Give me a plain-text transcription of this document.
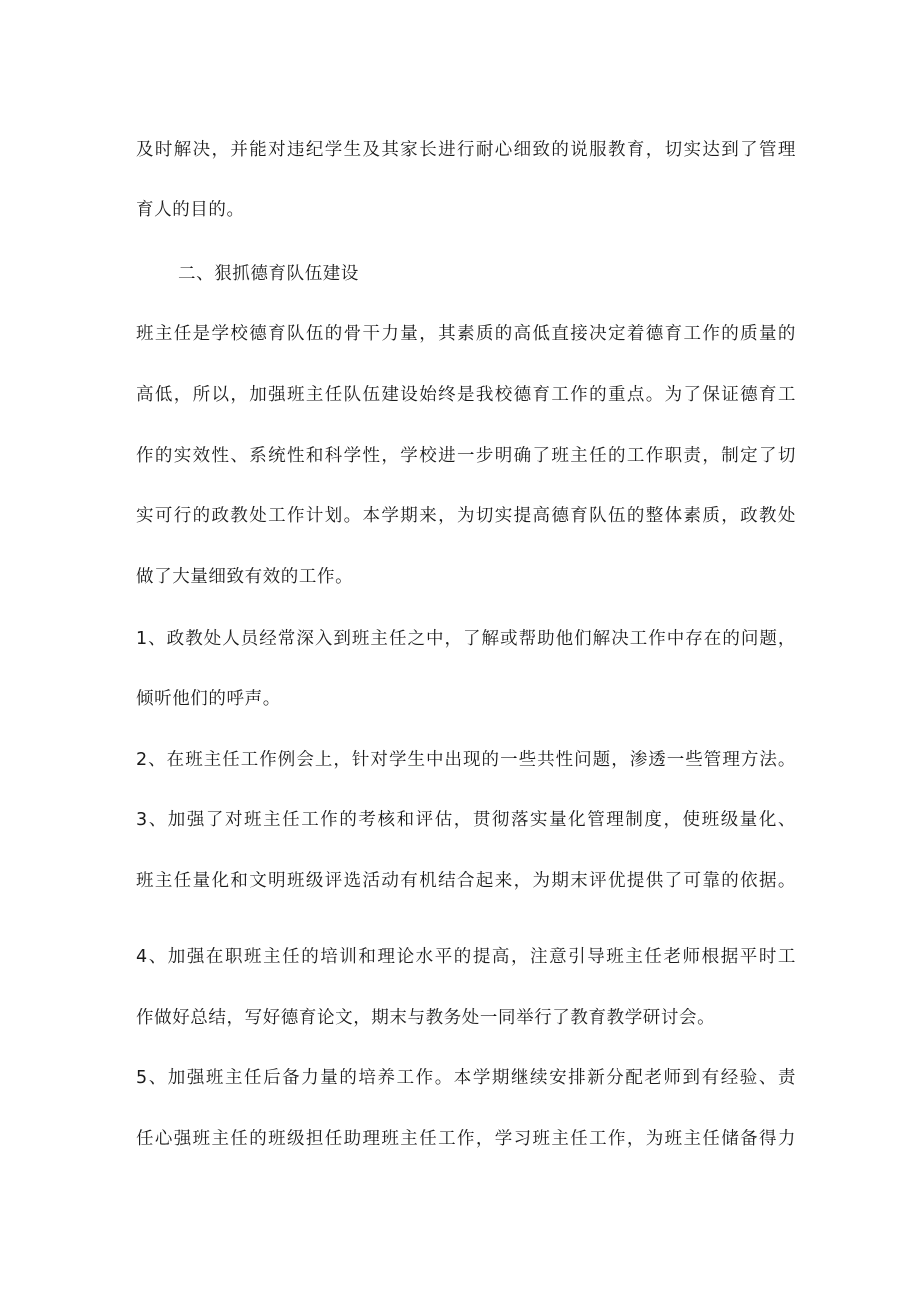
及时解决，并能对违纪学生及其家长进行耐心细致的说服教育，切实达到了管理
育人的目的。
二、狠抓德育队伍建设
班主任是学校德育队伍的骨干力量，其素质的高低直接决定着德育工作的质量的
高低，所以，加强班主任队伍建设始终是我校德育工作的重点。为了保证德育工
作的实效性、系统性和科学性，学校进一步明确了班主任的工作职责，制定了切
实可行的政教处工作计划。本学期来，为切实提高德育队伍的整体素质，政教处
做了大量细致有效的工作。
1、政教处人员经常深入到班主任之中，了解或帮助他们解决工作中存在的问题，
倾听他们的呼声。
2、在班主任工作例会上，针对学生中出现的一些共性问题，渗透一些管理方法。
3、加强了对班主任工作的考核和评估，贯彻落实量化管理制度，使班级量化、
班主任量化和文明班级评选活动有机结合起来，为期末评优提供了可靠的依据。
4、加强在职班主任的培训和理论水平的提高，注意引导班主任老师根据平时工
作做好总结，写好德育论文，期末与教务处一同举行了教育教学研讨会。
5、加强班主任后备力量的培养工作。本学期继续安排新分配老师到有经验、责
任心强班主任的班级担任助理班主任工作，学习班主任工作，为班主任储备得力
